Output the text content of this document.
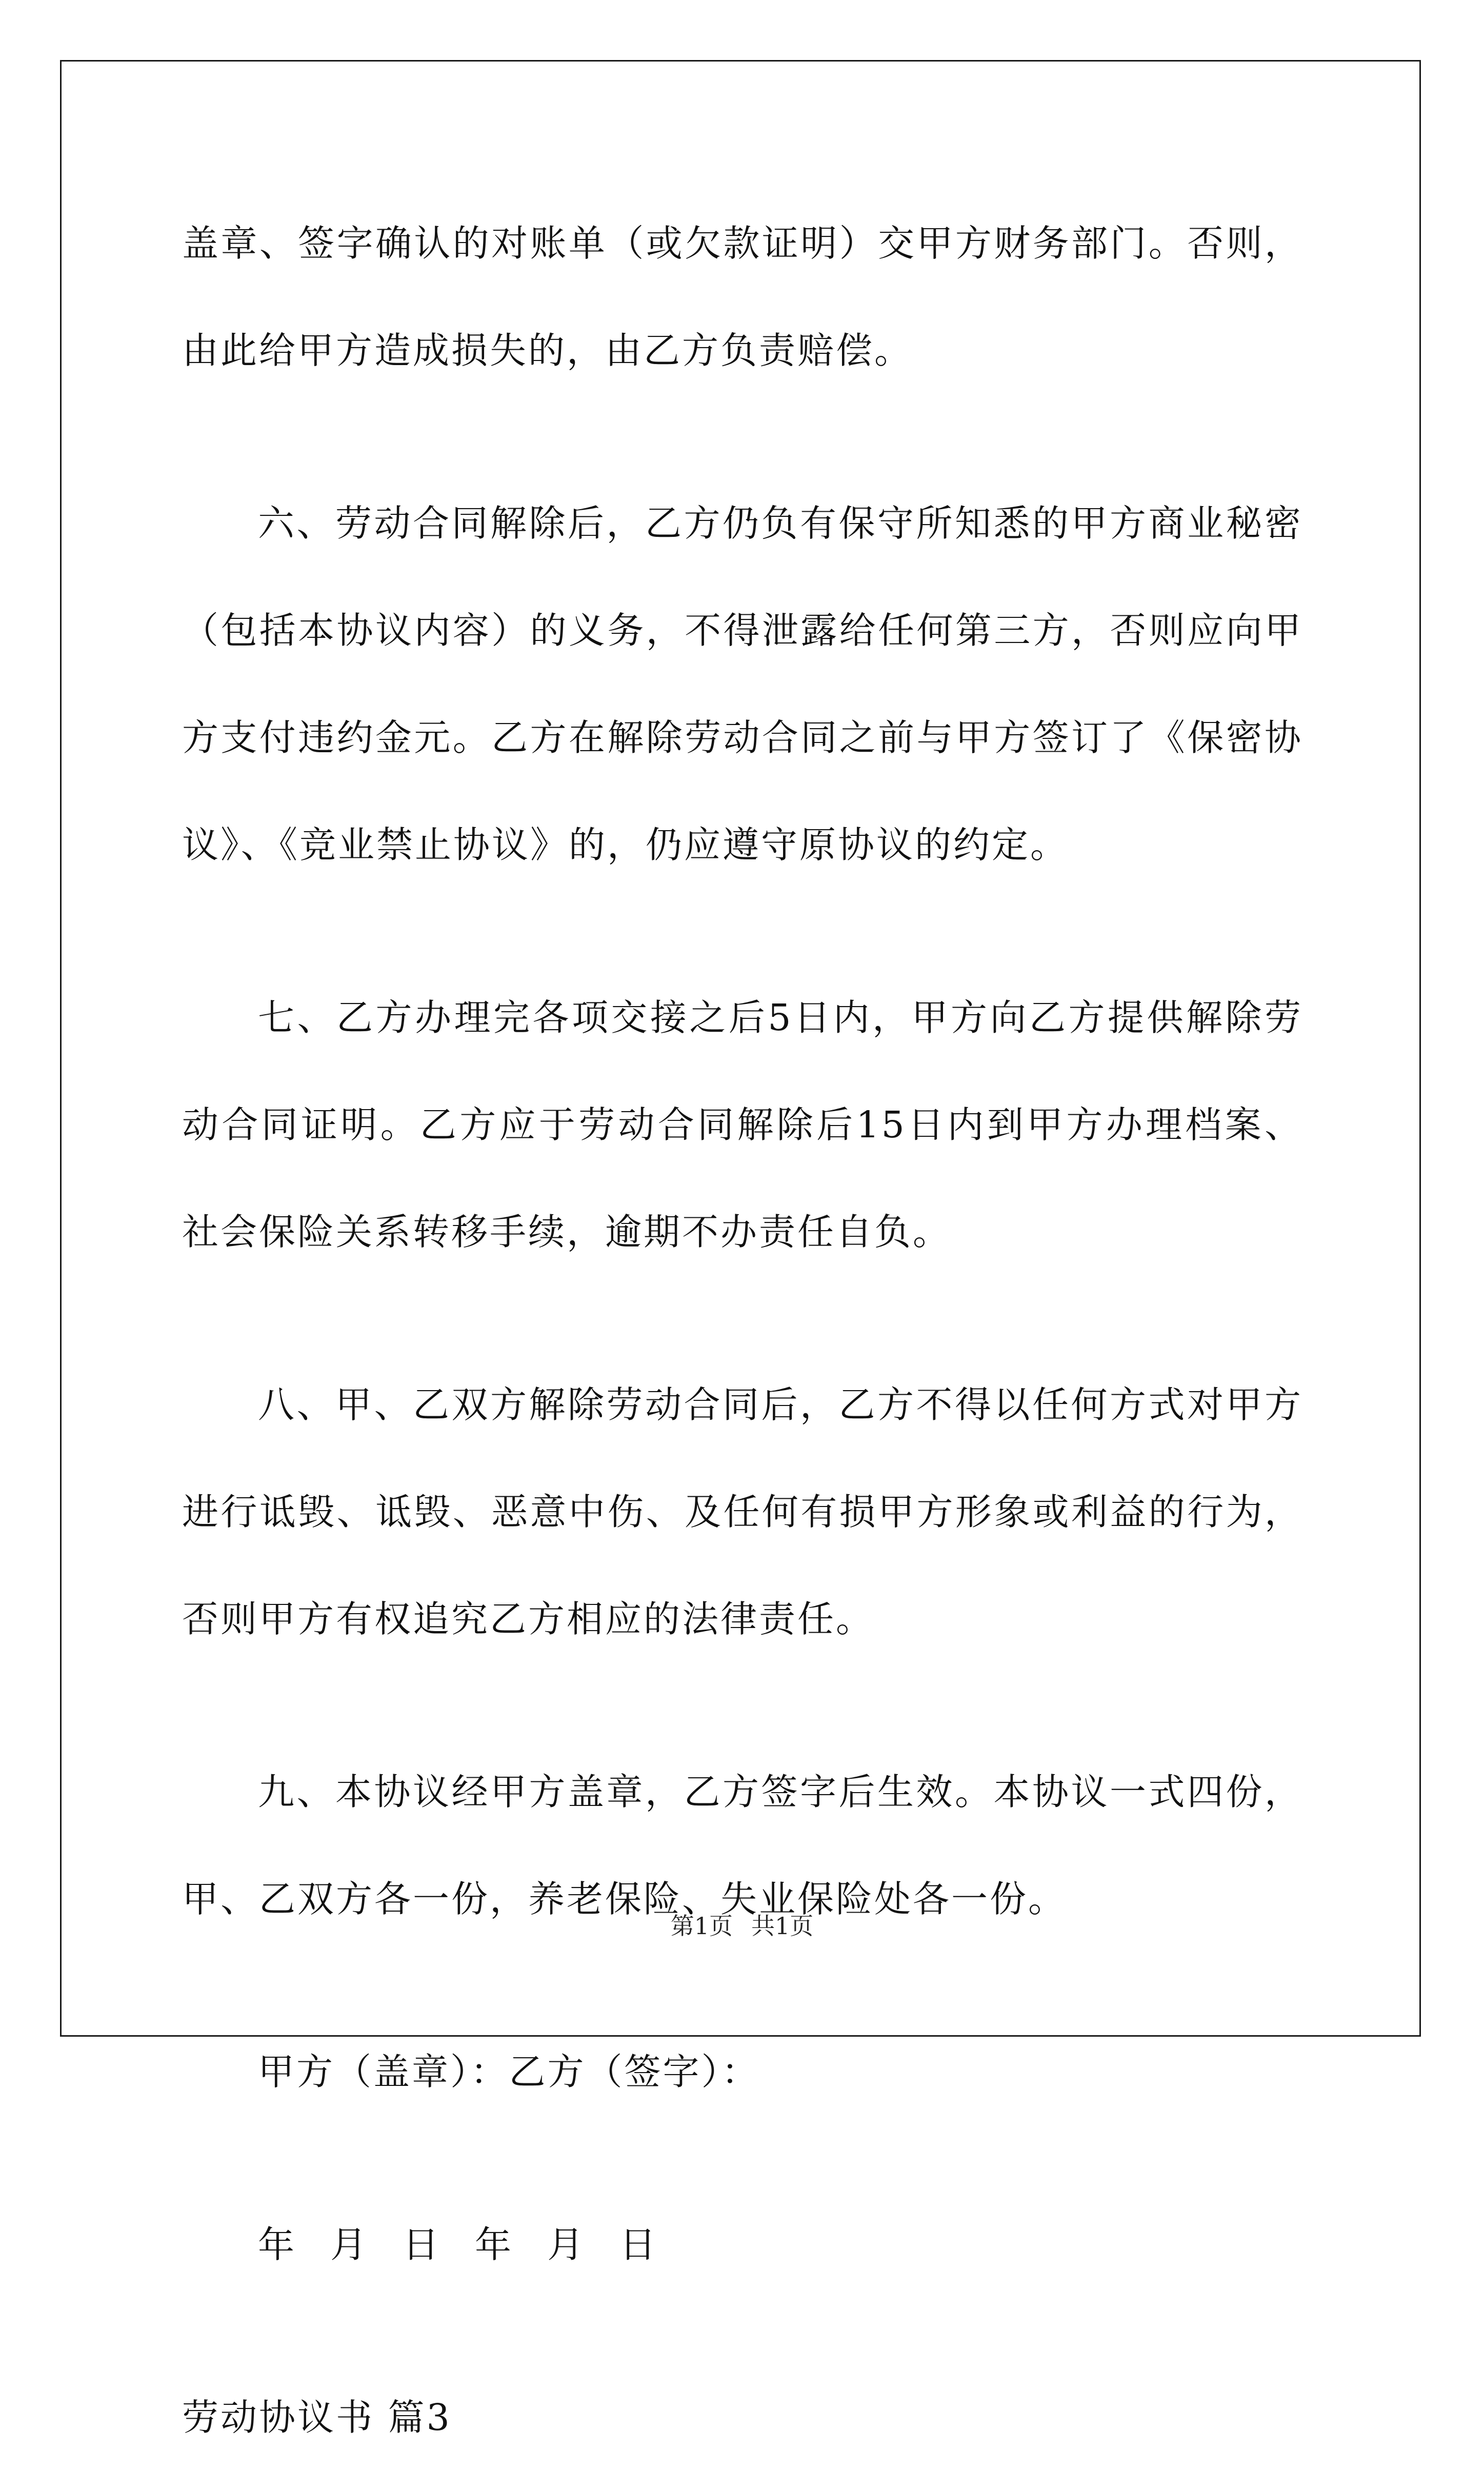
盖章、签字确认的对账单（或欠款证明）交甲方财务部门。否则，由此给甲方造成损失的，由乙方负责赔偿。

六、劳动合同解除后，乙方仍负有保守所知悉的甲方商业秘密（包括本协议内容）的义务，不得泄露给任何第三方，否则应向甲方支付违约金元。乙方在解除劳动合同之前与甲方签订了《保密协议》、《竞业禁止协议》的，仍应遵守原协议的约定。

七、乙方办理完各项交接之后5日内，甲方向乙方提供解除劳动合同证明。乙方应于劳动合同解除后15日内到甲方办理档案、社会保险关系转移手续，逾期不办责任自负。

八、甲、乙双方解除劳动合同后，乙方不得以任何方式对甲方进行诋毁、诋毁、恶意中伤、及任何有损甲方形象或利益的行为，否则甲方有权追究乙方相应的法律责任。

九、本协议经甲方盖章，乙方签字后生效。本协议一式四份，甲、乙双方各一份，养老保险、失业保险处各一份。

甲方（盖章）：乙方（签字）：

年 月 日 年 月 日

劳动协议书 篇3

第1页 共1页
